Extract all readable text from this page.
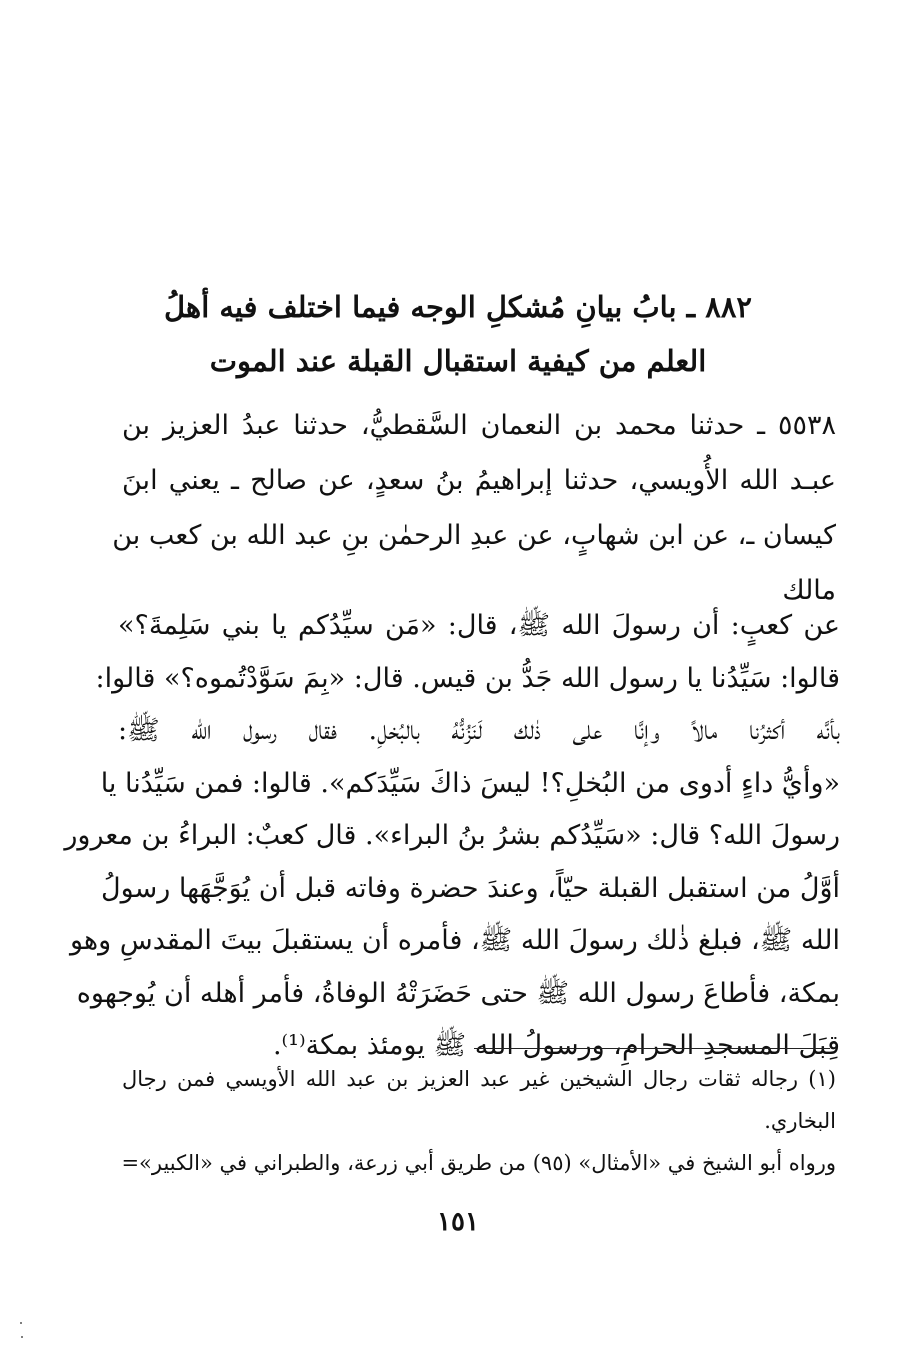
٨٨٢ ـ بابُ بيانِ مُشكلِ الوجه فيما اختلف فيه أهلُ
العلم من كيفية استقبال القبلة عند الموت
٥٥٣٨ ـ حدثنا محمد بن النعمان السَّقطيُّ، حدثنا عبدُ العزيز بن
عبـد الله الأُويسي، حدثنا إبراهيمُ بنُ سعدٍ، عن صالح ـ يعني ابنَ
كيسان ـ، عن ابن شهابٍ، عن عبدِ الرحمٰن بنِ عبد الله بن كعب بن
مالك
عن كعبٍ: أن رسولَ الله ﷺ، قال: «مَن سيِّدُكم يا بني سَلِمةَ؟»
قالوا: سَيِّدُنا يا رسول الله جَدُّ بن قيس. قال: «بِمَ سَوَّدْتُموه؟» قالوا:
بأنَّه أكثرُنا مالاً وإنَّا على ذٰلك لَنَزُنُّهُ بالبُخلِ. فقال رسول الله ﷺ:
«وأيُّ داءٍ أدوى من البُخلِ؟! ليسَ ذاكَ سَيِّدَكم». قالوا: فمن سَيِّدُنا يا
رسولَ الله؟ قال: «سَيِّدُكم بشرُ بنُ البراء». قال كعبٌ: البراءُ بن معرور
أوَّلُ من استقبل القبلة حيّاً، وعندَ حضرة وفاته قبل أن يُوَجَّهَها رسولُ
الله ﷺ، فبلغ ذٰلك رسولَ الله ﷺ، فأمره أن يستقبلَ بيتَ المقدسِ وهو
بمكة، فأطاعَ رسول الله ﷺ حتى حَضَرَتْهُ الوفاةُ، فأمر أهله أن يُوجهوه
قِبَلَ المسجدِ الحرامِ، ورسولُ الله ﷺ يومئذ بمكة⁽¹⁾.
(١) رجاله ثقات رجال الشيخين غير عبد العزيز بن عبد الله الأويسي فمن رجال
البخاري.
ورواه أبو الشيخ في «الأمثال» (٩٥) من طريق أبي زرعة، والطبراني في «الكبير»=
١٥١
